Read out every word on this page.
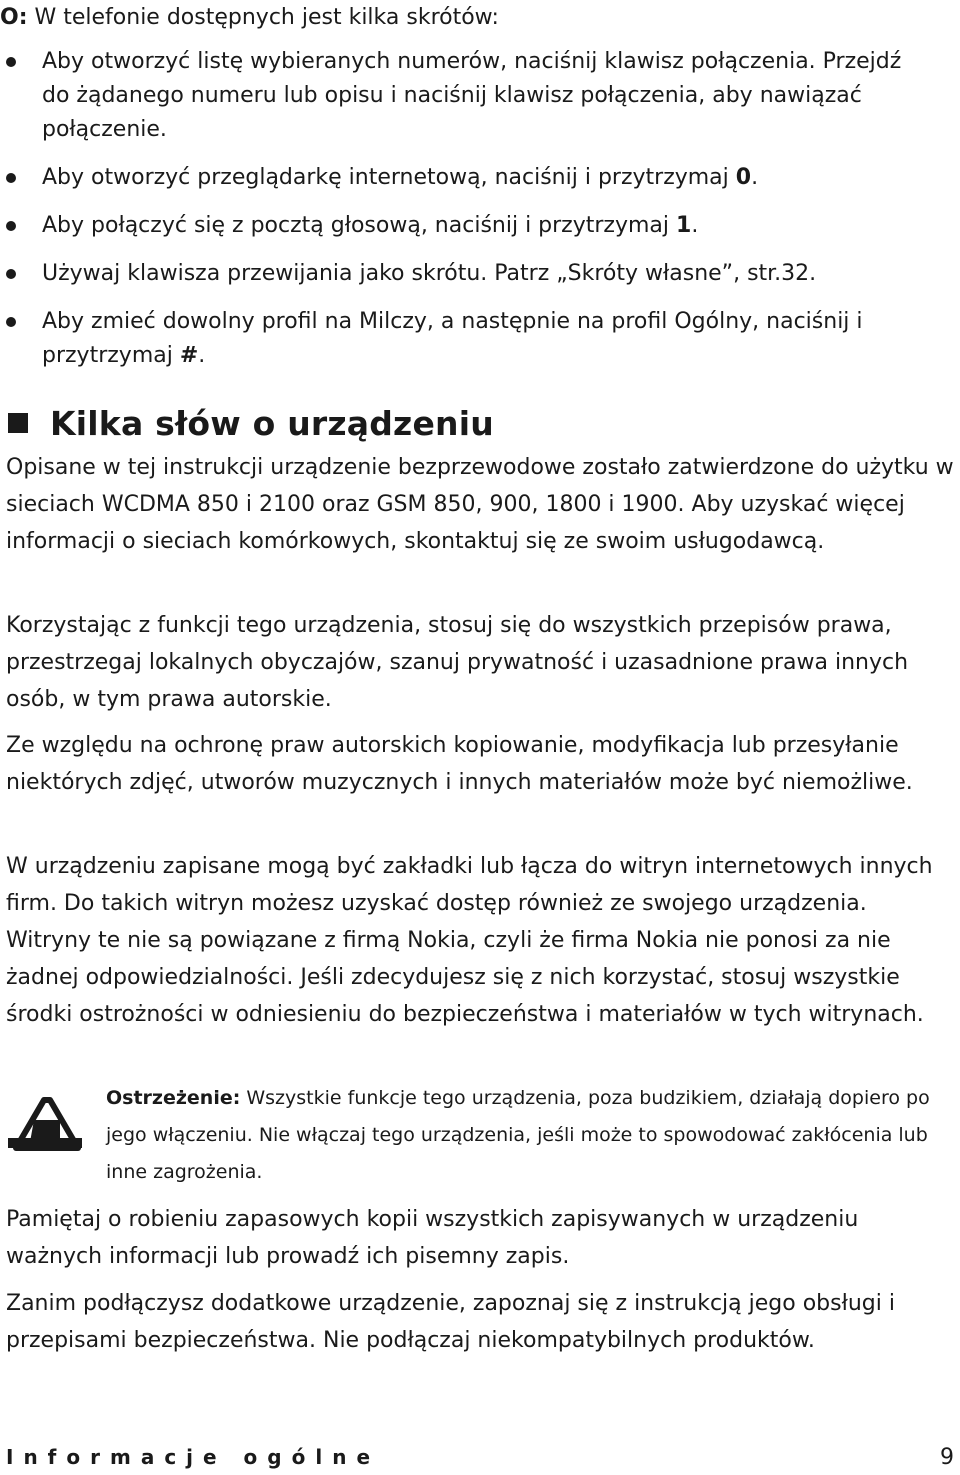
O: W telefonie dostępnych jest kilka skrótów:
Aby otworzyć listę wybieranych numerów, naciśnij klawisz połączenia. Przejdź do żądanego numeru lub opisu i naciśnij klawisz połączenia, aby nawiązać połączenie.
Aby otworzyć przeglądarkę internetową, naciśnij i przytrzymaj 0.
Aby połączyć się z pocztą głosową, naciśnij i przytrzymaj 1.
Używaj klawisza przewijania jako skrótu. Patrz „Skróty własne”, str.32.
Aby zmieć dowolny profil na Milczy, a następnie na profil Ogólny, naciśnij i przytrzymaj #.
Kilka słów o urządzeniu

Opisane w tej instrukcji urządzenie bezprzewodowe zostało zatwierdzone do użytku w sieciach WCDMA 850 i 2100 oraz GSM 850, 900, 1800 i 1900. Aby uzyskać więcej informacji o sieciach komórkowych, skontaktuj się ze swoim usługodawcą.

Korzystając z funkcji tego urządzenia, stosuj się do wszystkich przepisów prawa, przestrzegaj lokalnych obyczajów, szanuj prywatność i uzasadnione prawa innych osób, w tym prawa autorskie.

Ze względu na ochronę praw autorskich kopiowanie, modyfikacja lub przesyłanie niektórych zdjęć, utworów muzycznych i innych materiałów może być niemożliwe.

W urządzeniu zapisane mogą być zakładki lub łącza do witryn internetowych innych firm. Do takich witryn możesz uzyskać dostęp również ze swojego urządzenia. Witryny te nie są powiązane z firmą Nokia, czyli że firma Nokia nie ponosi za nie żadnej odpowiedzialności. Jeśli zdecydujesz się z nich korzystać, stosuj wszystkie środki ostrożności w odniesieniu do bezpieczeństwa i materiałów w tych witrynach.

Ostrzeżenie: Wszystkie funkcje tego urządzenia, poza budzikiem, działają dopiero po jego włączeniu. Nie włączaj tego urządzenia, jeśli może to spowodować zakłócenia lub inne zagrożenia.

Pamiętaj o robieniu zapasowych kopii wszystkich zapisywanych w urządzeniu ważnych informacji lub prowadź ich pisemny zapis.

Zanim podłączysz dodatkowe urządzenie, zapoznaj się z instrukcją jego obsługi i przepisami bezpieczeństwa. Nie podłączaj niekompatybilnych produktów.

Informacje ogólne	9
